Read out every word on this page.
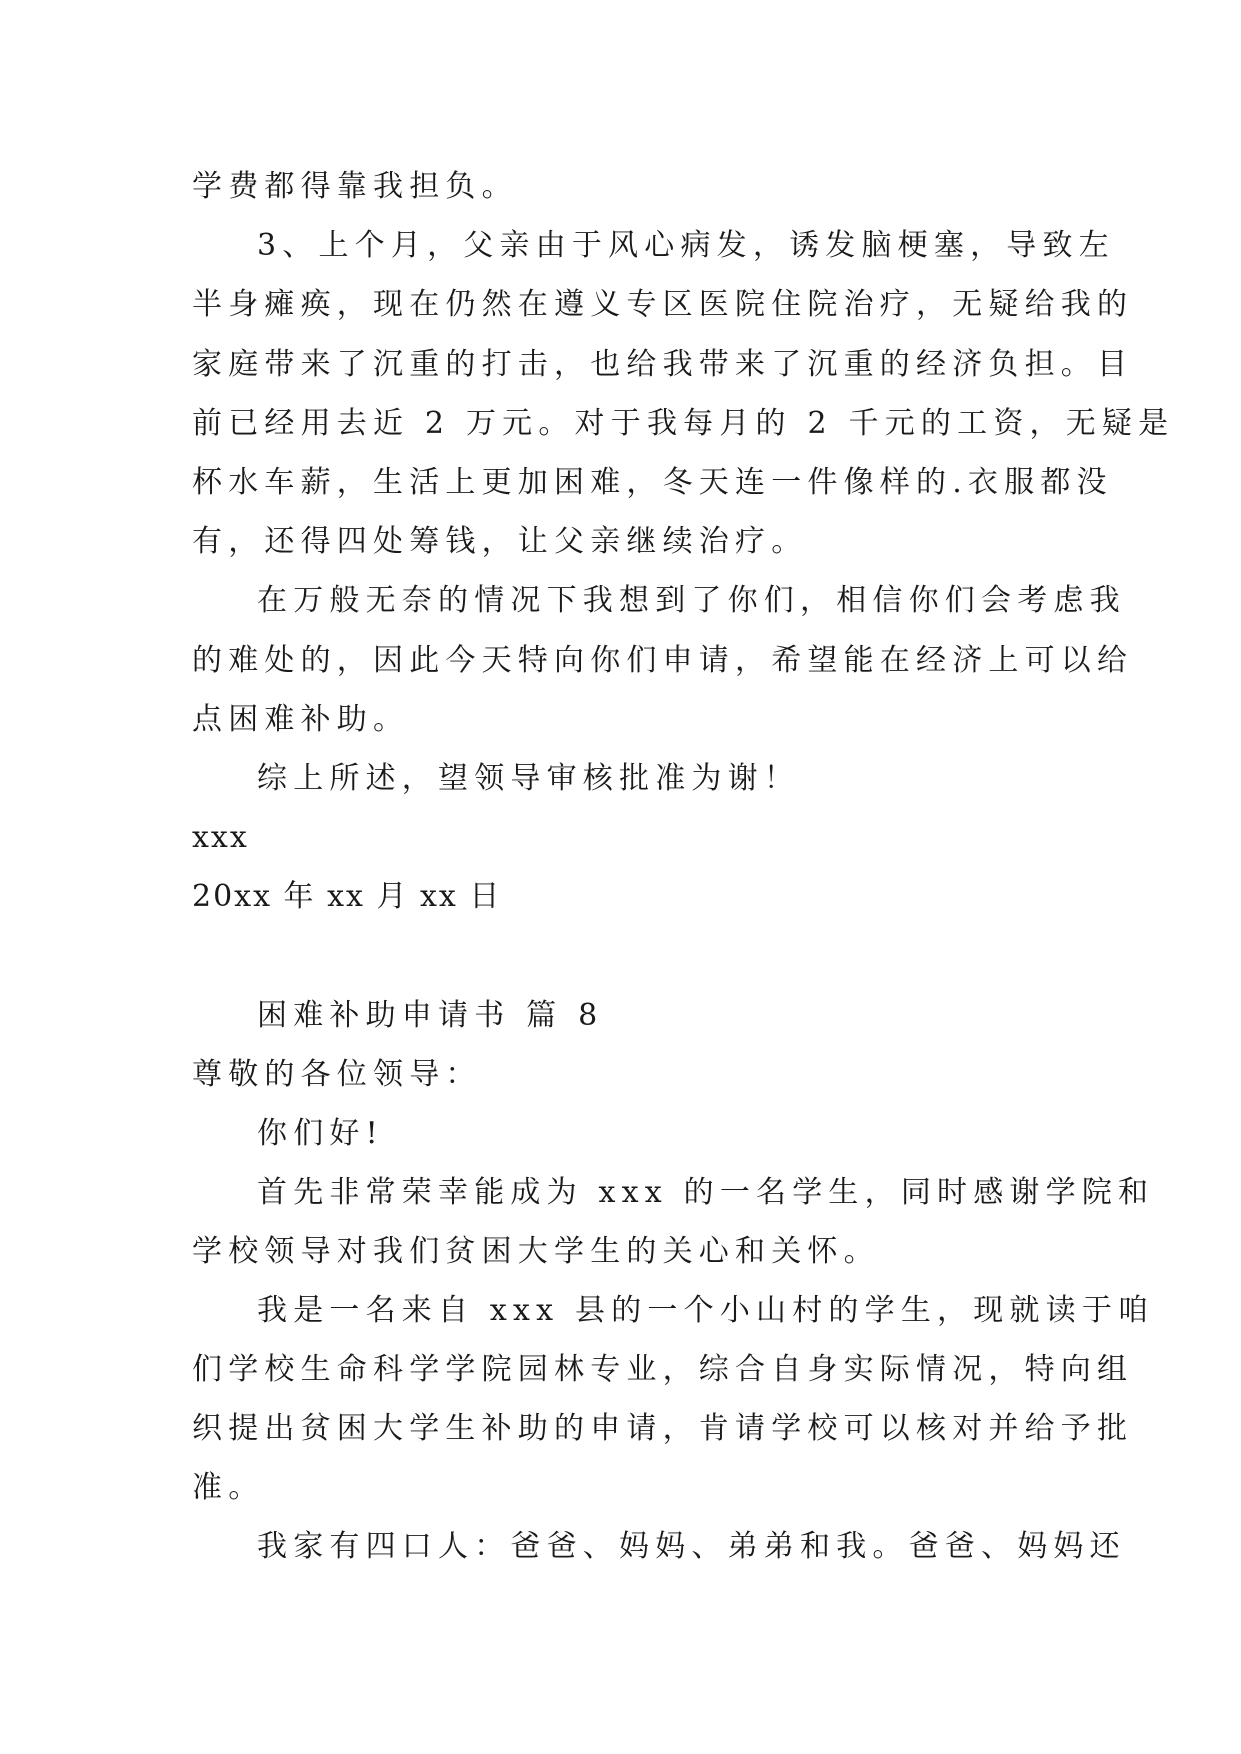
学费都得靠我担负。
3、上个月，父亲由于风心病发，诱发脑梗塞，导致左
半身瘫痪，现在仍然在遵义专区医院住院治疗，无疑给我的
家庭带来了沉重的打击，也给我带来了沉重的经济负担。目
前已经用去近 2 万元。对于我每月的 2 千元的工资，无疑是
杯水车薪，生活上更加困难，冬天连一件像样的.衣服都没
有，还得四处筹钱，让父亲继续治疗。
在万般无奈的情况下我想到了你们，相信你们会考虑我
的难处的，因此今天特向你们申请，希望能在经济上可以给
点困难补助。
综上所述，望领导审核批准为谢！
xxx
20xx 年 xx 月 xx 日
困难补助申请书 篇 8
尊敬的各位领导：
你们好!
首先非常荣幸能成为 xxx 的一名学生，同时感谢学院和
学校领导对我们贫困大学生的关心和关怀。
我是一名来自 xxx 县的一个小山村的学生，现就读于咱
们学校生命科学学院园林专业，综合自身实际情况，特向组
织提出贫困大学生补助的申请，肯请学校可以核对并给予批
准。
我家有四口人：爸爸、妈妈、弟弟和我。爸爸、妈妈还
